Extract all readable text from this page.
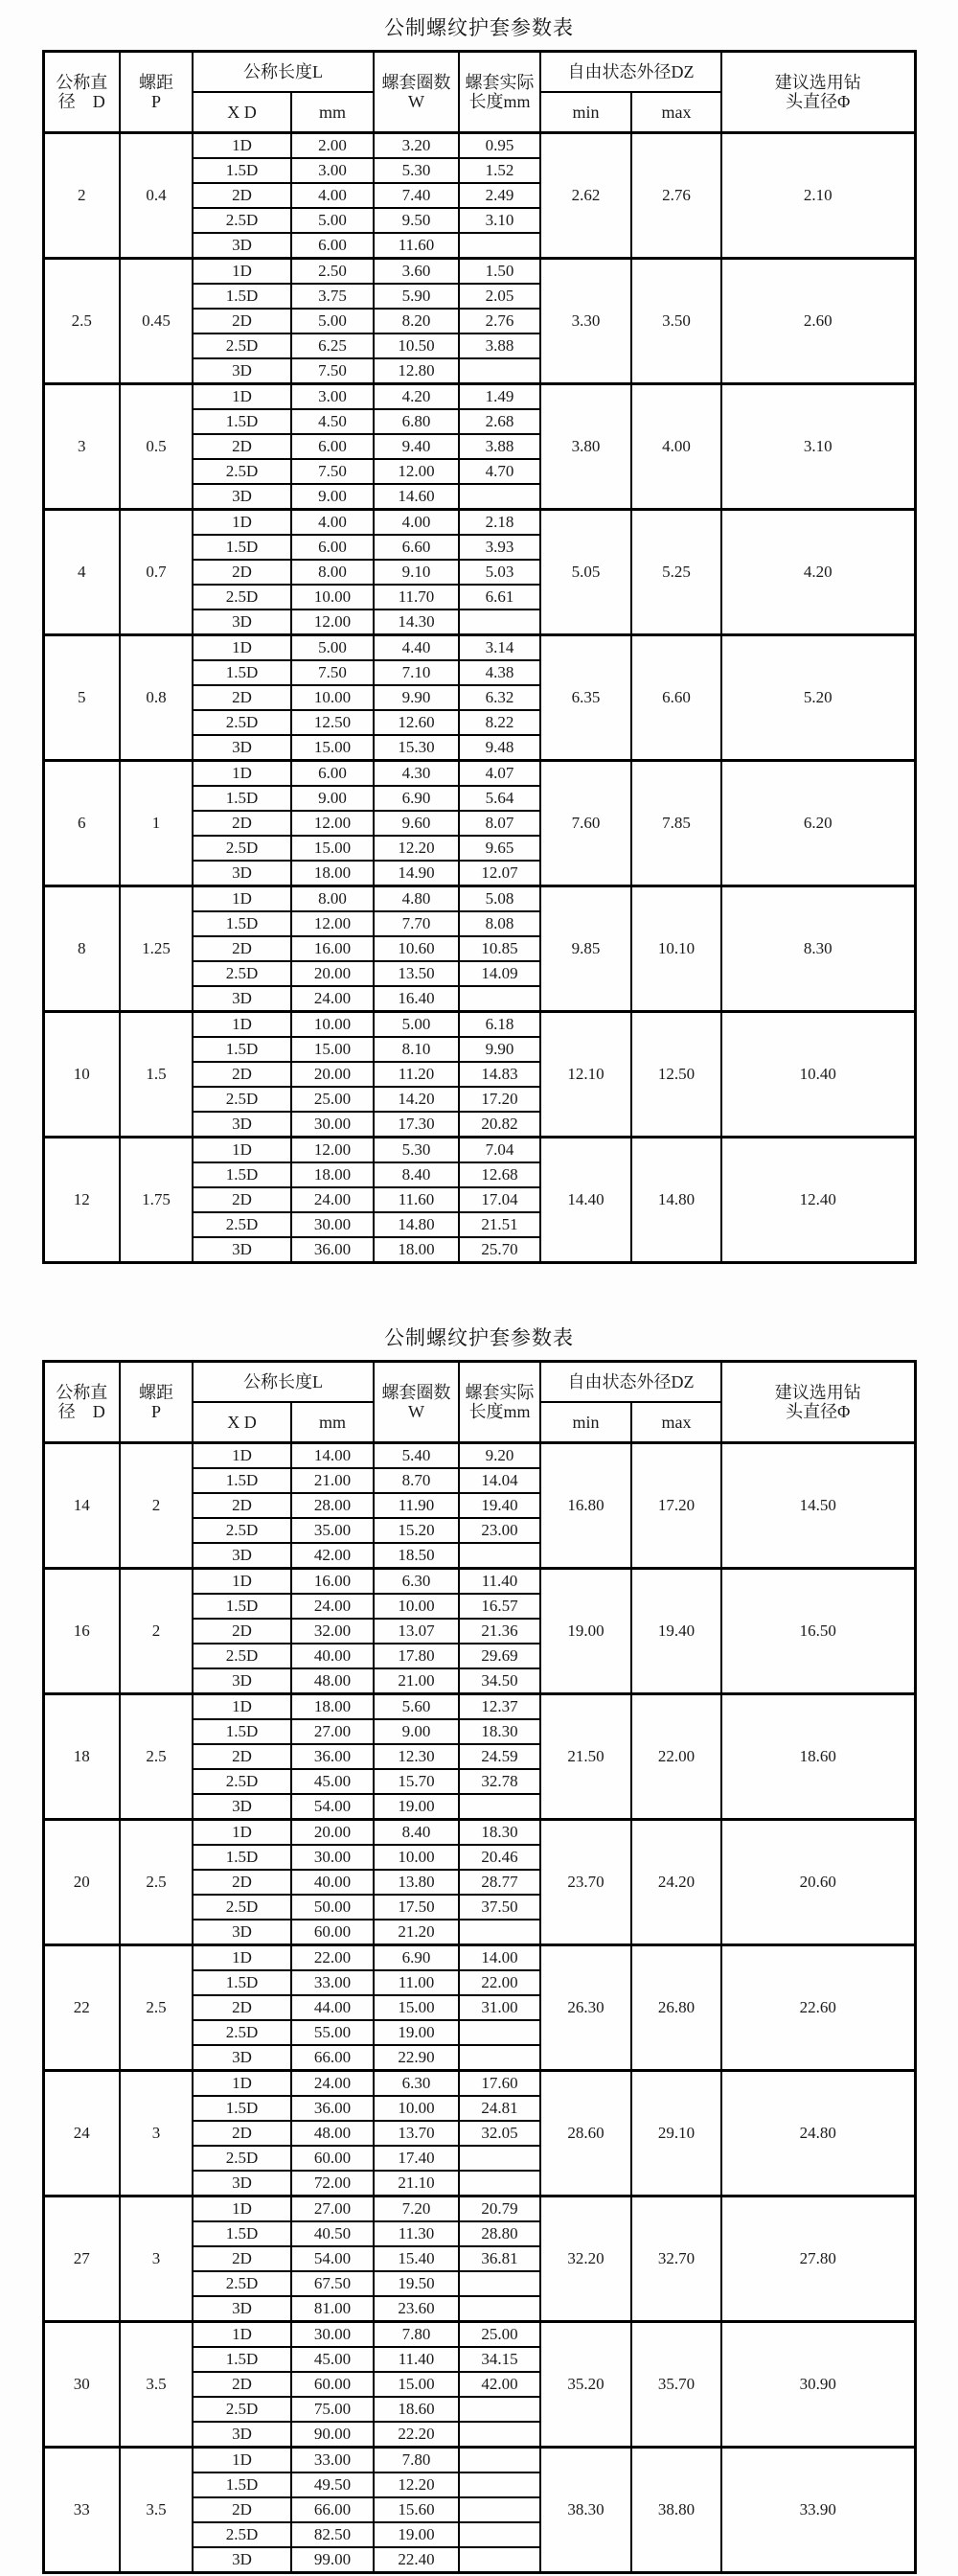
公制螺纹护套参数表
公称直
径　D	螺距
P	公称长度L		螺套圈数
W	螺套实际
长度mm	自由状态外径DZ		建议选用钻
头直径Φ
		X D	mm			min	max	
2	0.4	1D	2.00	3.20	0.95	2.62	2.76	2.10
		1.5D	3.00	5.30	1.52			
		2D	4.00	7.40	2.49			
		2.5D	5.00	9.50	3.10			
		3D	6.00	11.60				
2.5	0.45	1D	2.50	3.60	1.50	3.30	3.50	2.60
		1.5D	3.75	5.90	2.05			
		2D	5.00	8.20	2.76			
		2.5D	6.25	10.50	3.88			
		3D	7.50	12.80				
3	0.5	1D	3.00	4.20	1.49	3.80	4.00	3.10
		1.5D	4.50	6.80	2.68			
		2D	6.00	9.40	3.88			
		2.5D	7.50	12.00	4.70			
		3D	9.00	14.60				
4	0.7	1D	4.00	4.00	2.18	5.05	5.25	4.20
		1.5D	6.00	6.60	3.93			
		2D	8.00	9.10	5.03			
		2.5D	10.00	11.70	6.61			
		3D	12.00	14.30				
5	0.8	1D	5.00	4.40	3.14	6.35	6.60	5.20
		1.5D	7.50	7.10	4.38			
		2D	10.00	9.90	6.32			
		2.5D	12.50	12.60	8.22			
		3D	15.00	15.30	9.48			
6	1	1D	6.00	4.30	4.07	7.60	7.85	6.20
		1.5D	9.00	6.90	5.64			
		2D	12.00	9.60	8.07			
		2.5D	15.00	12.20	9.65			
		3D	18.00	14.90	12.07			
8	1.25	1D	8.00	4.80	5.08	9.85	10.10	8.30
		1.5D	12.00	7.70	8.08			
		2D	16.00	10.60	10.85			
		2.5D	20.00	13.50	14.09			
		3D	24.00	16.40				
10	1.5	1D	10.00	5.00	6.18	12.10	12.50	10.40
		1.5D	15.00	8.10	9.90			
		2D	20.00	11.20	14.83			
		2.5D	25.00	14.20	17.20			
		3D	30.00	17.30	20.82			
12	1.75	1D	12.00	5.30	7.04	14.40	14.80	12.40
		1.5D	18.00	8.40	12.68			
		2D	24.00	11.60	17.04			
		2.5D	30.00	14.80	21.51			
		3D	36.00	18.00	25.70			
公制螺纹护套参数表
公称直
径　D	螺距
P	公称长度L		螺套圈数
W	螺套实际
长度mm	自由状态外径DZ		建议选用钻
头直径Φ
		X D	mm			min	max	
14	2	1D	14.00	5.40	9.20	16.80	17.20	14.50
		1.5D	21.00	8.70	14.04			
		2D	28.00	11.90	19.40			
		2.5D	35.00	15.20	23.00			
		3D	42.00	18.50				
16	2	1D	16.00	6.30	11.40	19.00	19.40	16.50
		1.5D	24.00	10.00	16.57			
		2D	32.00	13.07	21.36			
		2.5D	40.00	17.80	29.69			
		3D	48.00	21.00	34.50			
18	2.5	1D	18.00	5.60	12.37	21.50	22.00	18.60
		1.5D	27.00	9.00	18.30			
		2D	36.00	12.30	24.59			
		2.5D	45.00	15.70	32.78			
		3D	54.00	19.00				
20	2.5	1D	20.00	8.40	18.30	23.70	24.20	20.60
		1.5D	30.00	10.00	20.46			
		2D	40.00	13.80	28.77			
		2.5D	50.00	17.50	37.50			
		3D	60.00	21.20				
22	2.5	1D	22.00	6.90	14.00	26.30	26.80	22.60
		1.5D	33.00	11.00	22.00			
		2D	44.00	15.00	31.00			
		2.5D	55.00	19.00				
		3D	66.00	22.90				
24	3	1D	24.00	6.30	17.60	28.60	29.10	24.80
		1.5D	36.00	10.00	24.81			
		2D	48.00	13.70	32.05			
		2.5D	60.00	17.40				
		3D	72.00	21.10				
27	3	1D	27.00	7.20	20.79	32.20	32.70	27.80
		1.5D	40.50	11.30	28.80			
		2D	54.00	15.40	36.81			
		2.5D	67.50	19.50				
		3D	81.00	23.60				
30	3.5	1D	30.00	7.80	25.00	35.20	35.70	30.90
		1.5D	45.00	11.40	34.15			
		2D	60.00	15.00	42.00			
		2.5D	75.00	18.60				
		3D	90.00	22.20				
33	3.5	1D	33.00	7.80		38.30	38.80	33.90
		1.5D	49.50	12.20				
		2D	66.00	15.60				
		2.5D	82.50	19.00				
		3D	99.00	22.40				
